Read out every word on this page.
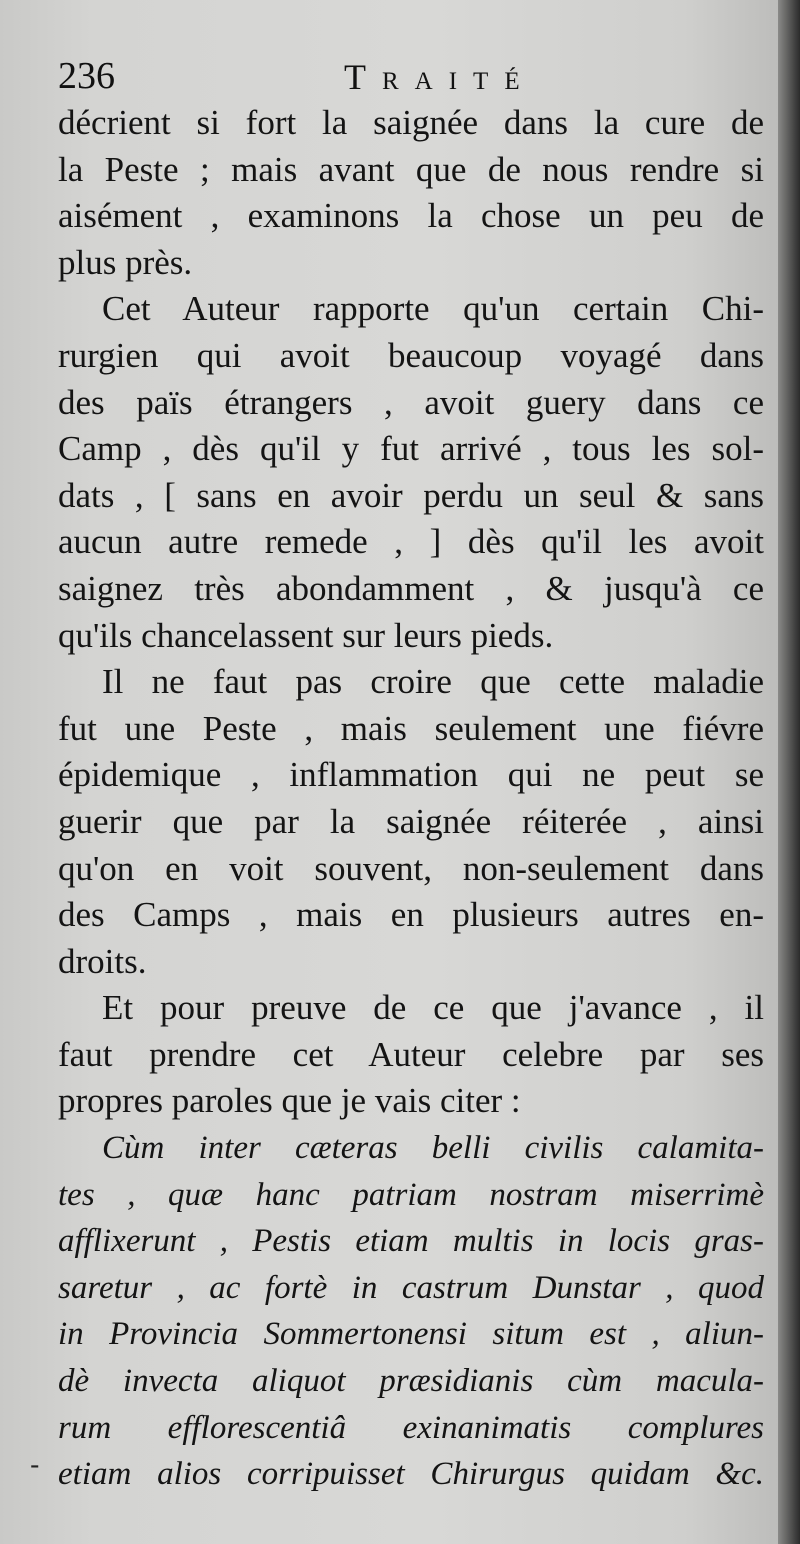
236	Traité
décrient si fort la saignée dans la cure de
la Peste ; mais avant que de nous rendre si
aisément , examinons la chose un peu de
plus près.
Cet Auteur rapporte qu'un certain Chi-
rurgien qui avoit beaucoup voyagé dans
des païs étrangers , avoit guery dans ce
Camp , dès qu'il y fut arrivé , tous les sol-
dats , [ sans en avoir perdu un seul & sans
aucun autre remede , ] dès qu'il les avoit
saignez très abondamment , & jusqu'à ce
qu'ils chancelassent sur leurs pieds.
Il ne faut pas croire que cette maladie
fut une Peste , mais seulement une fiévre
épidemique , inflammation qui ne peut se
guerir que par la saignée réiterée , ainsi
qu'on en voit souvent, non-seulement dans
des Camps , mais en plusieurs autres en-
droits.
Et pour preuve de ce que j'avance , il
faut prendre cet Auteur celebre par ses
propres paroles que je vais citer :
Cùm inter cæteras belli civilis calamita-
tes , quæ hanc patriam nostram miserrimè
afflixerunt , Pestis etiam multis in locis gras-
saretur , ac fortè in castrum Dunstar , quod
in Provincia Sommertonensi situm est , aliun-
dè invecta aliquot præsidianis cùm macula-
rum efflorescentiâ exinanimatis complures
etiam alios corripuisset Chirurgus quidam &c.
-
